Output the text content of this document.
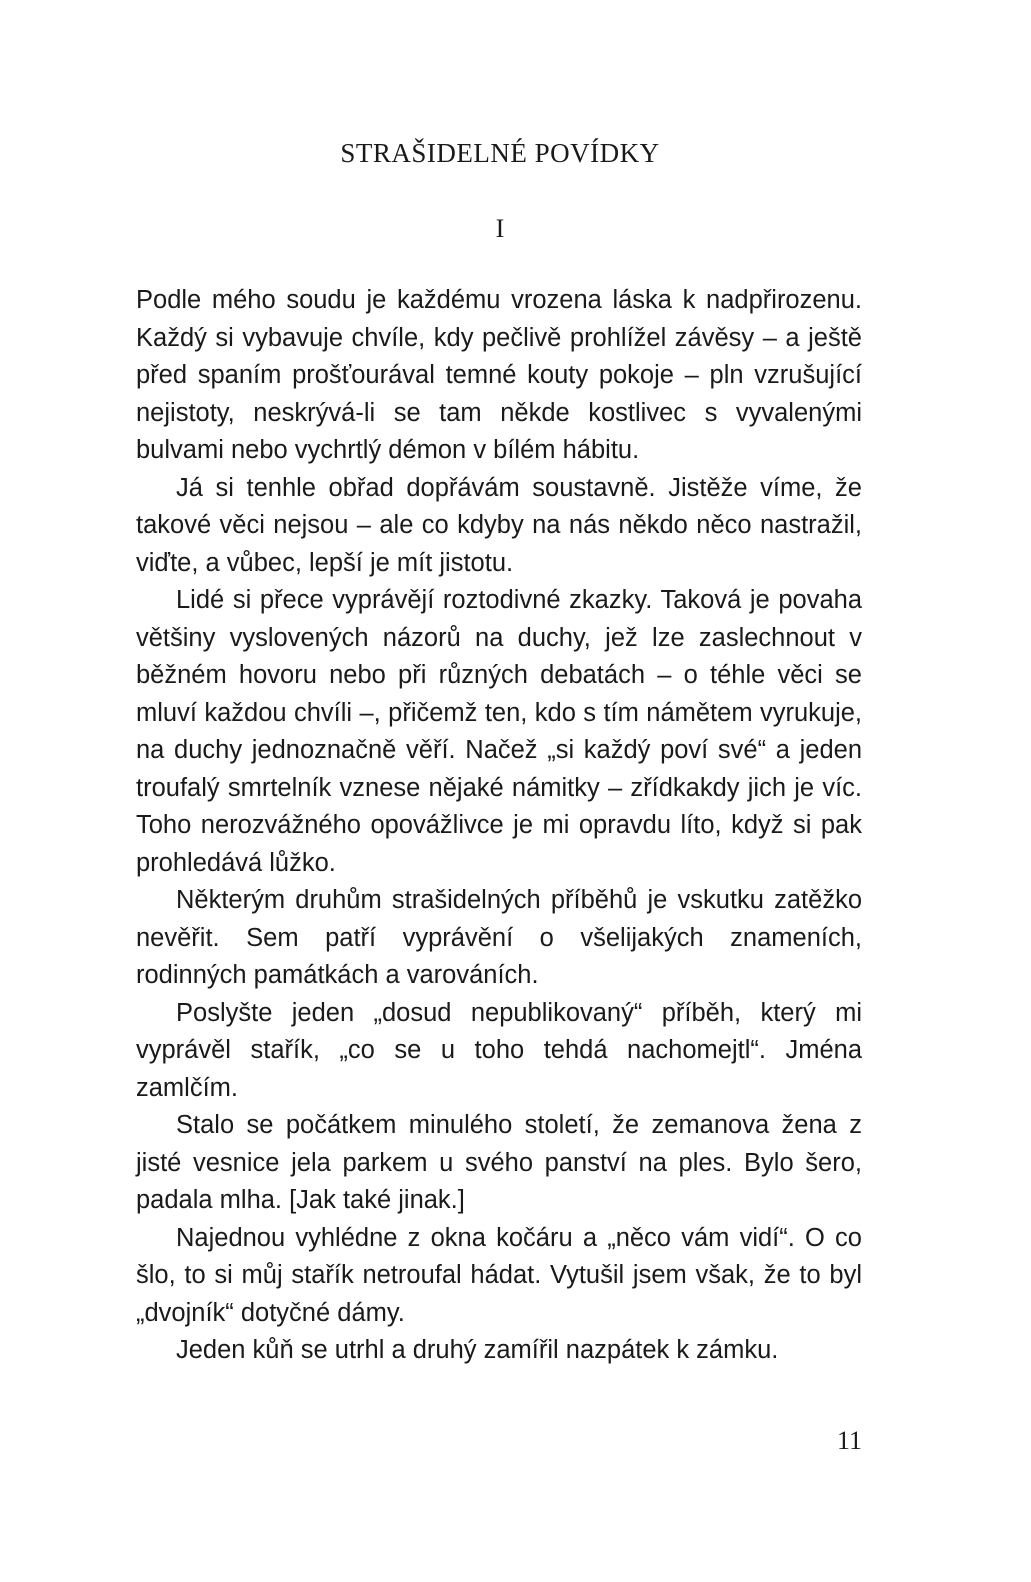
STRAŠIDELNÉ POVÍDKY
I

Podle mého soudu je každému vrozena láska k nadpřirozenu. Každý si vybavuje chvíle, kdy pečlivě prohlížel závěsy – a ještě před spaním prošťourával temné kouty pokoje – pln vzrušující nejistoty, neskrývá-li se tam někde kostlivec s vyvalenými bulvami nebo vychrtlý démon v bílém hábitu.

Já si tenhle obřad dopřávám soustavně. Jistěže víme, že takové věci nejsou – ale co kdyby na nás někdo něco nastražil, viďte, a vůbec, lepší je mít jistotu.

Lidé si přece vyprávějí roztodivné zkazky. Taková je povaha většiny vyslovených názorů na duchy, jež lze zaslechnout v běžném hovoru nebo při různých debatách – o téhle věci se mluví každou chvíli –, přičemž ten, kdo s tím námětem vyrukuje, na duchy jednoznačně věří. Načež „si každý poví své“ a jeden troufalý smrtelník vznese nějaké námitky – zřídkakdy jich je víc. Toho nerozvážného opovážlivce je mi opravdu líto, když si pak prohledává lůžko.

Některým druhům strašidelných příběhů je vskutku zatěžko nevěřit. Sem patří vyprávění o všelijakých znameních, rodinných památkách a varováních.

Poslyšte jeden „dosud nepublikovaný“ příběh, který mi vyprávěl stařík, „co se u toho tehdá nachomejtl“. Jména zamlčím.

Stalo se počátkem minulého století, že zemanova žena z jisté vesnice jela parkem u svého panství na ples. Bylo šero, padala mlha. [Jak také jinak.]

Najednou vyhlédne z okna kočáru a „něco vám vidí“. O co šlo, to si můj stařík netroufal hádat. Vytušil jsem však, že to byl „dvojník“ dotyčné dámy.

Jeden kůň se utrhl a druhý zamířil nazpátek k zámku.

11
